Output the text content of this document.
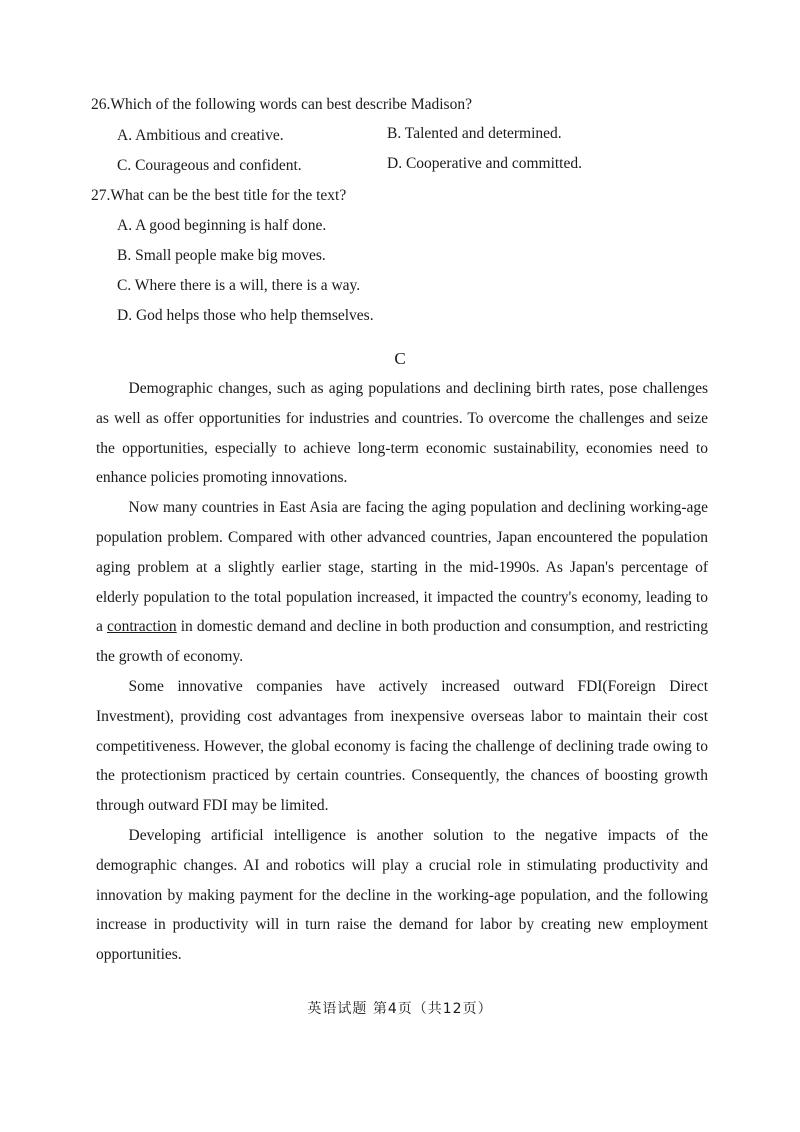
26.Which of the following words can best describe Madison?
A. Ambitious and creative.	B. Talented and determined.
C. Courageous and confident.	D. Cooperative and committed.
27.What can be the best title for the text?
A. A good beginning is half done.
B. Small people make big moves.
C. Where there is a will, there is a way.
D. God helps those who help themselves.
C

Demographic changes, such as aging populations and declining birth rates, pose challenges as well as offer opportunities for industries and countries. To overcome the challenges and seize the opportunities, especially to achieve long-term economic sustainability, economies need to enhance policies promoting innovations.

Now many countries in East Asia are facing the aging population and declining working-age population problem. Compared with other advanced countries, Japan encountered the population aging problem at a slightly earlier stage, starting in the mid-1990s. As Japan's percentage of elderly population to the total population increased, it impacted the country's economy, leading to a contraction in domestic demand and decline in both production and consumption, and restricting the growth of economy.

Some innovative companies have actively increased outward FDI(Foreign Direct Investment), providing cost advantages from inexpensive overseas labor to maintain their cost competitiveness. However, the global economy is facing the challenge of declining trade owing to the protectionism practiced by certain countries. Consequently, the chances of boosting growth through outward FDI may be limited.

Developing artificial intelligence is another solution to the negative impacts of the demographic changes. AI and robotics will play a crucial role in stimulating productivity and innovation by making payment for the decline in the working-age population, and the following increase in productivity will in turn raise the demand for labor by creating new employment opportunities.

英语试题 第4页（共12页）
